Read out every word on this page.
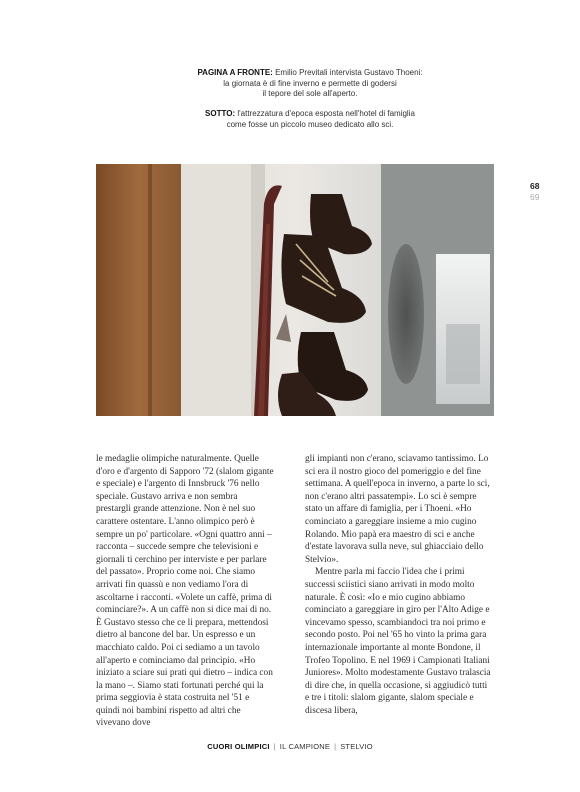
PAGINA A FRONTE: Emilio Previtali intervista Gustavo Thoeni:
la giornata è di fine inverno e permette di godersi
il tepore del sole all'aperto.
SOTTO: l'attrezzatura d'epoca esposta nell'hotel di famiglia
come fosse un piccolo museo dedicato allo sci.
68
69

le medaglie olimpiche naturalmente. Quelle d'oro e d'argento di Sapporo '72 (slalom gigante e speciale) e l'argento di Innsbruck '76 nello speciale. Gustavo arriva e non sembra prestargli grande attenzione. Non è nel suo carattere ostentare. L'anno olimpico però è sempre un po' particolare. «Ogni quattro anni – racconta – succede sempre che televisioni e giornali ti cerchino per interviste e per parlare del passato». Proprio come noi. Che siamo arrivati fin quassù e non vediamo l'ora di ascoltarne i racconti. «Volete un caffè, prima di cominciare?». A un caffè non si dice mai di no. È Gustavo stesso che ce li prepara, mettendosi dietro al bancone del bar. Un espresso e un macchiato caldo. Poi ci sediamo a un tavolo all'aperto e cominciamo dal principio. «Ho iniziato a sciare sui prati qui dietro – indica con la mano –. Siamo stati fortunati perché qui la prima seggiovia è stata costruita nel '51 e quindi noi bambini rispetto ad altri che vivevano dove

gli impianti non c'erano, sciavamo tantissimo. Lo sci era il nostro gioco del pomeriggio e del fine settimana. A quell'epoca in inverno, a parte lo sci, non c'erano altri passatempi». Lo sci è sempre stato un affare di famiglia, per i Thoeni. «Ho cominciato a gareggiare insieme a mio cugino Rolando. Mio papà era maestro di sci e anche d'estate lavorava sulla neve, sul ghiacciaio dello Stelvio».

Mentre parla mi faccio l'idea che i primi successi sciistici siano arrivati in modo molto naturale. È così: «Io e mio cugino abbiamo cominciato a gareggiare in giro per l'Alto Adige e vincevamo spesso, scambiandoci tra noi primo e secondo posto. Poi nel '65 ho vinto la prima gara internazionale importante al monte Bondone, il Trofeo Topolino. E nel 1969 i Campionati Italiani Juniores». Molto modestamente Gustavo tralascia di dire che, in quella occasione, si aggiudicò tutti e tre i titoli: slalom gigante, slalom speciale e discesa libera,

CUORI OLIMPICI | IL CAMPIONE | STELVIO
